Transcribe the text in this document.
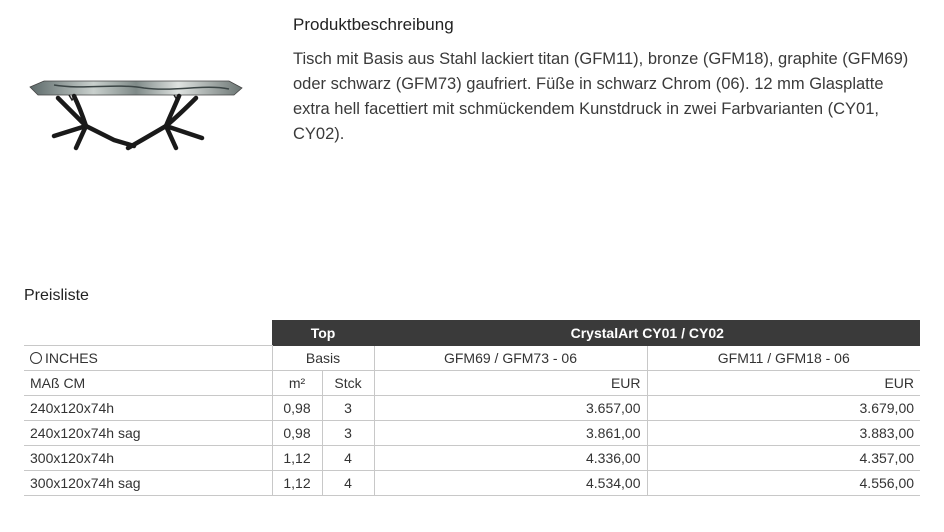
Produktbeschreibung
Tisch mit Basis aus Stahl lackiert titan (GFM11), bronze (GFM18), graphite (GFM69) oder schwarz (GFM73) gaufriert. Füße in schwarz Chrom (06). 12 mm Glasplatte extra hell facettiert mit schmückendem Kunstdruck in zwei Farbvarianten (CY01, CY02).
Preisliste
	Top		CrystalArt CY01 / CY02	
INCHES	Basis		GFM69 / GFM73 - 06	GFM11 / GFM18 - 06
MAß CM	m²	Stck	EUR	EUR
240x120x74h	0,98	3	3.657,00	3.679,00
240x120x74h sag	0,98	3	3.861,00	3.883,00
300x120x74h	1,12	4	4.336,00	4.357,00
300x120x74h sag	1,12	4	4.534,00	4.556,00
